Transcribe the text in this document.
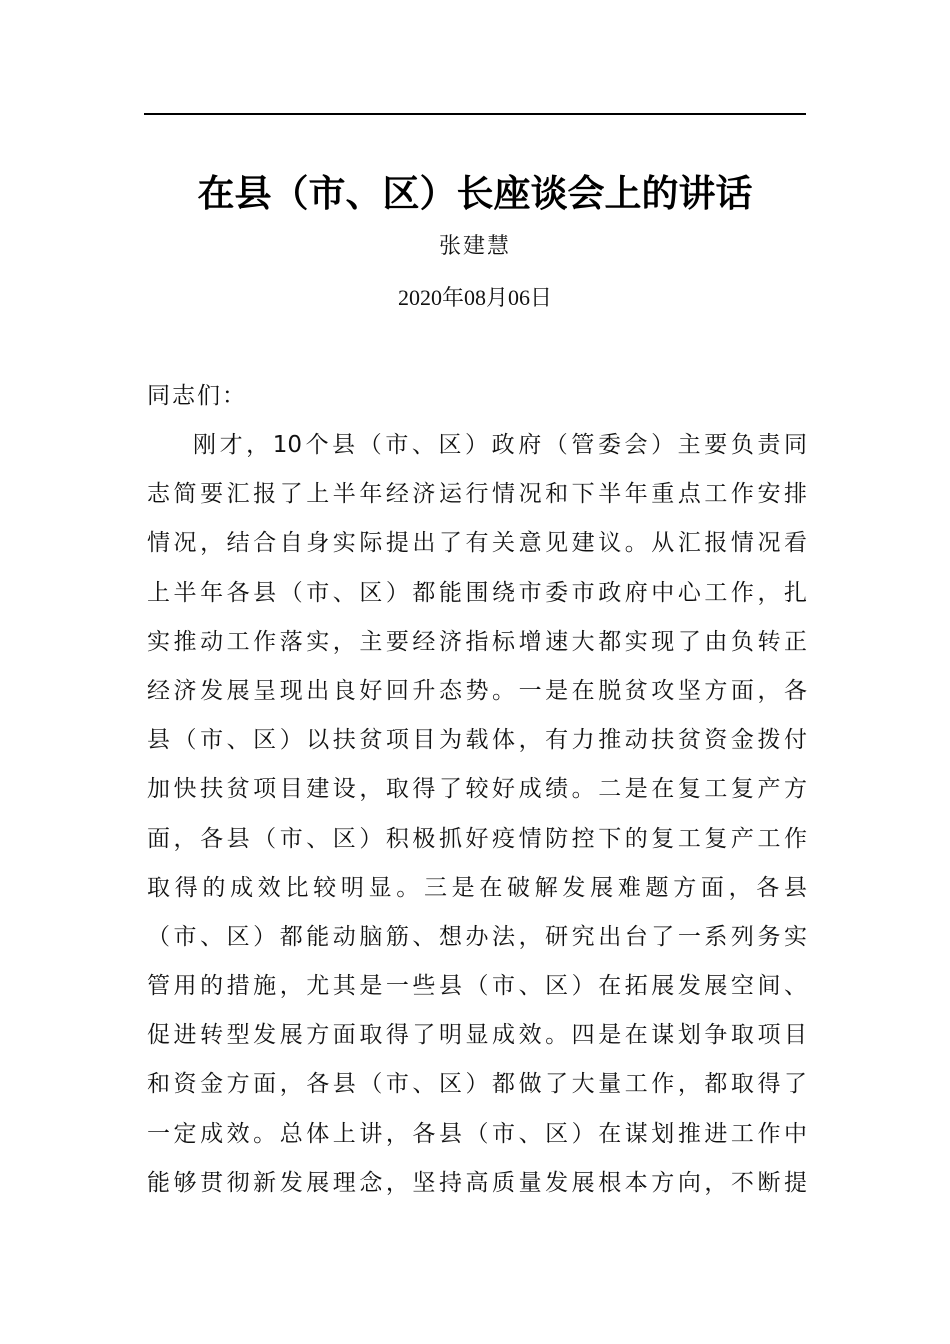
在县（市、区）长座谈会上的讲话
张建慧
2020年08月06日
同志们：
刚才，10个县（市、区）政府（管委会）主要负责同
志简要汇报了上半年经济运行情况和下半年重点工作安排
情况，结合自身实际提出了有关意见建议。从汇报情况看
上半年各县（市、区）都能围绕市委市政府中心工作，扎
实推动工作落实，主要经济指标增速大都实现了由负转正
经济发展呈现出良好回升态势。一是在脱贫攻坚方面，各
县（市、区）以扶贫项目为载体，有力推动扶贫资金拨付
加快扶贫项目建设，取得了较好成绩。二是在复工复产方
面，各县（市、区）积极抓好疫情防控下的复工复产工作
取得的成效比较明显。三是在破解发展难题方面，各县
（市、区）都能动脑筋、想办法，研究出台了一系列务实
管用的措施，尤其是一些县（市、区）在拓展发展空间、
促进转型发展方面取得了明显成效。四是在谋划争取项目
和资金方面，各县（市、区）都做了大量工作，都取得了
一定成效。总体上讲，各县（市、区）在谋划推进工作中
能够贯彻新发展理念，坚持高质量发展根本方向，不断提
